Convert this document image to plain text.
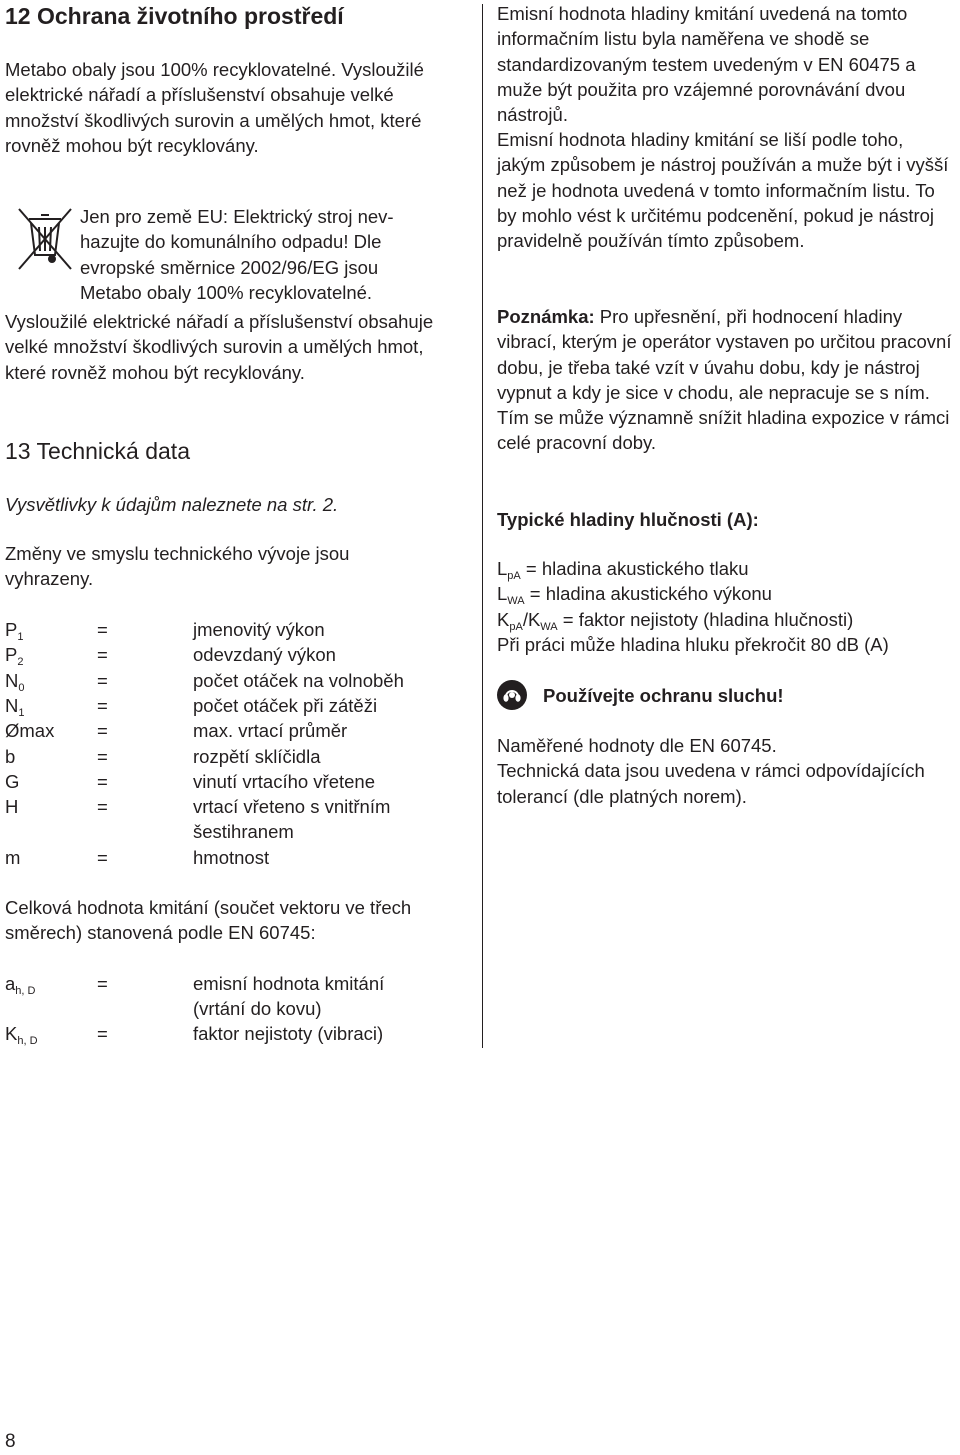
12 Ochrana životního prostředí
Metabo obaly jsou 100% recyklovatelné. Vysloužilé elektrické nářadí a příslušenství obsahuje velké množství škodlivých surovin a umělých hmot, které rovněž mohou být recyklovány.
Jen pro země EU: Elektrický stroj nev-
hazujte do komunálního odpadu! Dle
evropské směrnice 2002/96/EG jsou
Metabo obaly 100% recyklovatelné.
Vysloužilé elektrické nářadí a příslušenství obsahuje velké množství škodlivých surovin a umělých hmot, které rovněž mohou být recyklovány.
13 Technická data
Vysvětlivky k údajům naleznete na str. 2.
Změny ve smyslu technického vývoje jsou vyhrazeny.
$P_1$	=	jmenovitý výkon
$P_2$	=	odevzdaný výkon
$N_0$	=	počet otáček na volnoběh
$N_1$	=	počet otáček při zátěži
Ømax =	max. vrtací průměr
b	=	rozpětí sklíčidla
G	=	vinutí vrtacího vřetene
H	=	vrtací vřeteno s vnitřním
šestihranem
m	=	hmotnost
Celková hodnota kmitání (součet vektoru ve třech směrech) stanovená podle EN 60745:
$a_{h, D}$	=	emisní hodnota kmitání
(vrtání do kovu)
$K_{h, D}$	=	faktor nejistoty (vibraci)
Emisní hodnota hladiny kmitání uvedená na tomto informačním listu byla naměřena ve shodě se standardizovaným testem uvedeným v EN 60475 a muže být použita pro vzájemné porovnávání dvou nástrojů.
Emisní hodnota hladiny kmitání se liší podle toho, jakým způsobem je nástroj používán a muže být i vyšší než je hodnota uvedená v tomto informačním listu. To by mohlo vést k určitému podcenění, pokud je nástroj pravidelně používán tímto způsobem.
Poznámka: Pro upřesnění, při hodnocení hladiny vibrací, kterým je operátor vystaven po určitou pracovní dobu, je třeba také vzít v úvahu dobu, kdy je nástroj vypnut a kdy je sice v chodu, ale nepracuje se s ním. Tím se může významně snížit hladina expozice v rámci celé pracovní doby.
Typické hladiny hlučnosti (A):
$L_{pA}$ = hladina akustického tlaku
$L_{WA}$ = hladina akustického výkonu
$K_{pA}/K_{WA}$ = faktor nejistoty (hladina hlučnosti)
Při práci může hladina hluku překročit 80 dB (A)
Používejte ochranu sluchu!
Naměřené hodnoty dle EN 60745.
Technická data jsou uvedena v rámci odpovídajících tolerancí (dle platných norem).
8
